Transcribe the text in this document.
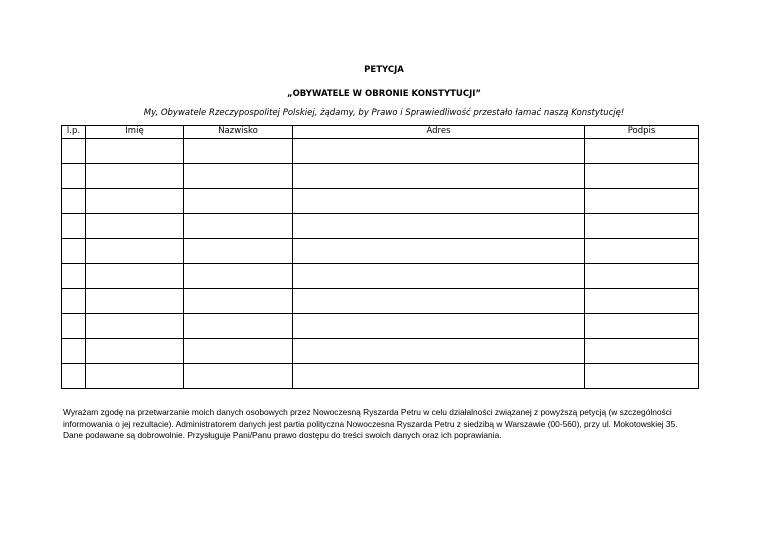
PETYCJA
„OBYWATELE W OBRONIE KONSTYTUCJI”
My, Obywatele Rzeczypospolitej Polskiej, żądamy, by Prawo i Sprawiedliwość przestało łamać naszą Konstytucję!
l.p.	Imię	Nazwisko	Adres	Podpis

Wyrażam zgodę na przetwarzanie moich danych osobowych przez Nowoczesną Ryszarda Petru w celu działalności związanej z powyższą petycją (w szczególności
informowania o jej rezultacie). Administratorem danych jest partia polityczna Nowoczesna Ryszarda Petru z siedzibą w Warszawie (00-560), przy ul. Mokotowskiej 35.
Dane podawane są dobrowolnie. Przysługuje Pani/Panu prawo dostępu do treści swoich danych oraz ich poprawiania.
